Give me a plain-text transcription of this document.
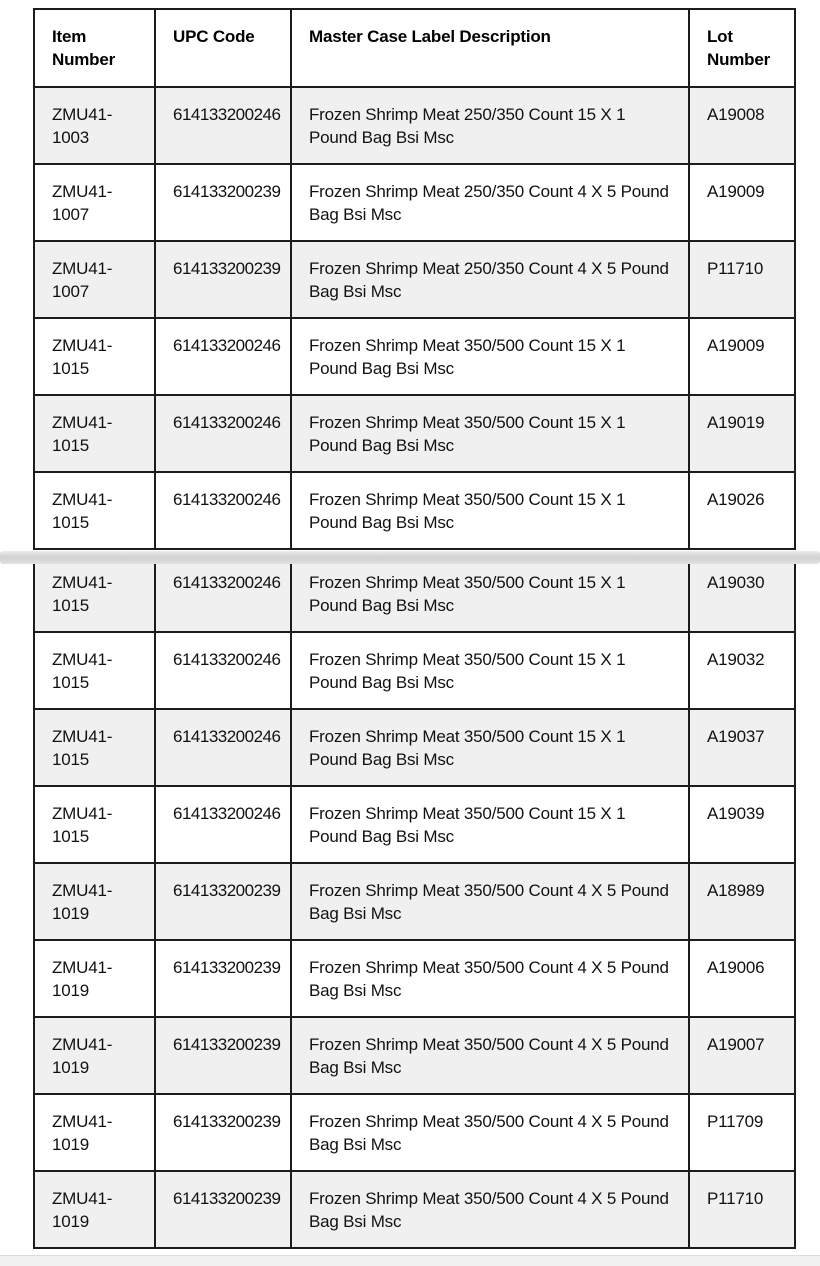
Item Number	UPC Code	Master Case Label Description	Lot Number
ZMU41-1003	614133200246	Frozen Shrimp Meat 250/350 Count 15 X 1 Pound Bag Bsi Msc	A19008
ZMU41-1007	614133200239	Frozen Shrimp Meat 250/350 Count 4 X 5 Pound Bag Bsi Msc	A19009
ZMU41-1007	614133200239	Frozen Shrimp Meat 250/350 Count 4 X 5 Pound Bag Bsi Msc	P11710
ZMU41-1015	614133200246	Frozen Shrimp Meat 350/500 Count 15 X 1 Pound Bag Bsi Msc	A19009
ZMU41-1015	614133200246	Frozen Shrimp Meat 350/500 Count 15 X 1 Pound Bag Bsi Msc	A19019
ZMU41-1015	614133200246	Frozen Shrimp Meat 350/500 Count 15 X 1 Pound Bag Bsi Msc	A19026
ZMU41-1015	614133200246	Frozen Shrimp Meat 350/500 Count 15 X 1 Pound Bag Bsi Msc	A19030
ZMU41-1015	614133200246	Frozen Shrimp Meat 350/500 Count 15 X 1 Pound Bag Bsi Msc	A19032
ZMU41-1015	614133200246	Frozen Shrimp Meat 350/500 Count 15 X 1 Pound Bag Bsi Msc	A19037
ZMU41-1015	614133200246	Frozen Shrimp Meat 350/500 Count 15 X 1 Pound Bag Bsi Msc	A19039
ZMU41-1019	614133200239	Frozen Shrimp Meat 350/500 Count 4 X 5 Pound Bag Bsi Msc	A18989
ZMU41-1019	614133200239	Frozen Shrimp Meat 350/500 Count 4 X 5 Pound Bag Bsi Msc	A19006
ZMU41-1019	614133200239	Frozen Shrimp Meat 350/500 Count 4 X 5 Pound Bag Bsi Msc	A19007
ZMU41-1019	614133200239	Frozen Shrimp Meat 350/500 Count 4 X 5 Pound Bag Bsi Msc	P11709
ZMU41-1019	614133200239	Frozen Shrimp Meat 350/500 Count 4 X 5 Pound Bag Bsi Msc	P11710
